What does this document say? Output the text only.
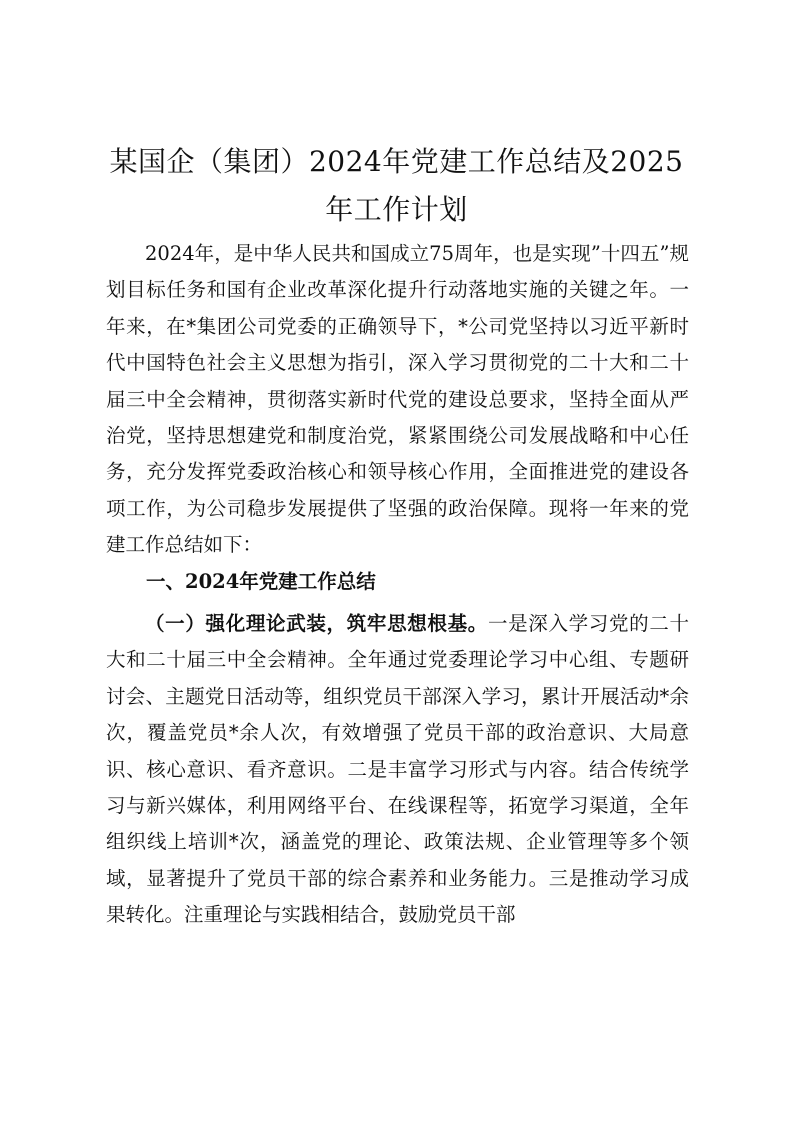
某国企（集团）2024年党建工作总结及2025
年工作计划

2024年，是中华人民共和国成立75周年，也是实现”十四五”规划目标任务和国有企业改革深化提升行动落地实施的关键之年。一年来，在*集团公司党委的正确领导下，*公司党坚持以习近平新时代中国特色社会主义思想为指引，深入学习贯彻党的二十大和二十届三中全会精神，贯彻落实新时代党的建设总要求，坚持全面从严治党，坚持思想建党和制度治党，紧紧围绕公司发展战略和中心任务，充分发挥党委政治核心和领导核心作用，全面推进党的建设各项工作，为公司稳步发展提供了坚强的政治保障。现将一年来的党建工作总结如下：

一、2024年党建工作总结

（一）强化理论武装，筑牢思想根基。一是深入学习党的二十大和二十届三中全会精神。全年通过党委理论学习中心组、专题研讨会、主题党日活动等，组织党员干部深入学习，累计开展活动*余次，覆盖党员*余人次，有效增强了党员干部的政治意识、大局意识、核心意识、看齐意识。二是丰富学习形式与内容。结合传统学习与新兴媒体，利用网络平台、在线课程等，拓宽学习渠道，全年组织线上培训*次，涵盖党的理论、政策法规、企业管理等多个领域，显著提升了党员干部的综合素养和业务能力。三是推动学习成果转化。注重理论与实践相结合，鼓励党员干部
